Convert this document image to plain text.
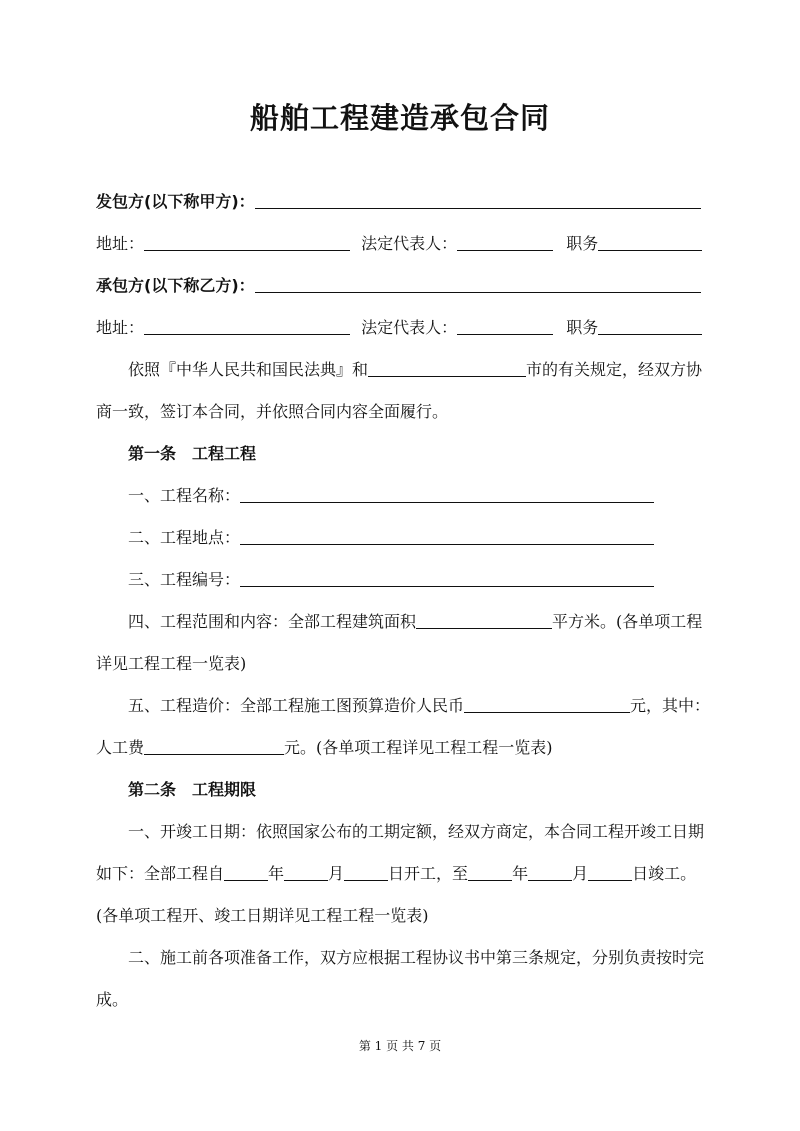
船舶工程建造承包合同
发包方(以下称甲方)：
地址：	法定代表人：	职务
承包方(以下称乙方)：
地址：	法定代表人：	职务
依照『中华人民共和国民法典』和	市的有关规定，经双方协
商一致，签订本合同，并依照合同内容全面履行。
第一条　工程工程
一、工程名称：
二、工程地点：
三、工程编号：
四、工程范围和内容：全部工程建筑面积	平方米。(各单项工程
详见工程工程一览表)
五、工程造价：全部工程施工图预算造价人民币	元，其中：
人工费	元。(各单项工程详见工程工程一览表)
第二条　工程期限
一、开竣工日期：依照国家公布的工期定额，经双方商定，本合同工程开竣工日期
如下：全部工程自	年	月	日开工，至	年	月	日竣工。
(各单项工程开、竣工日期详见工程工程一览表)
二、施工前各项准备工作，双方应根据工程协议书中第三条规定，分别负责按时完
成。
第 1 页 共 7 页
